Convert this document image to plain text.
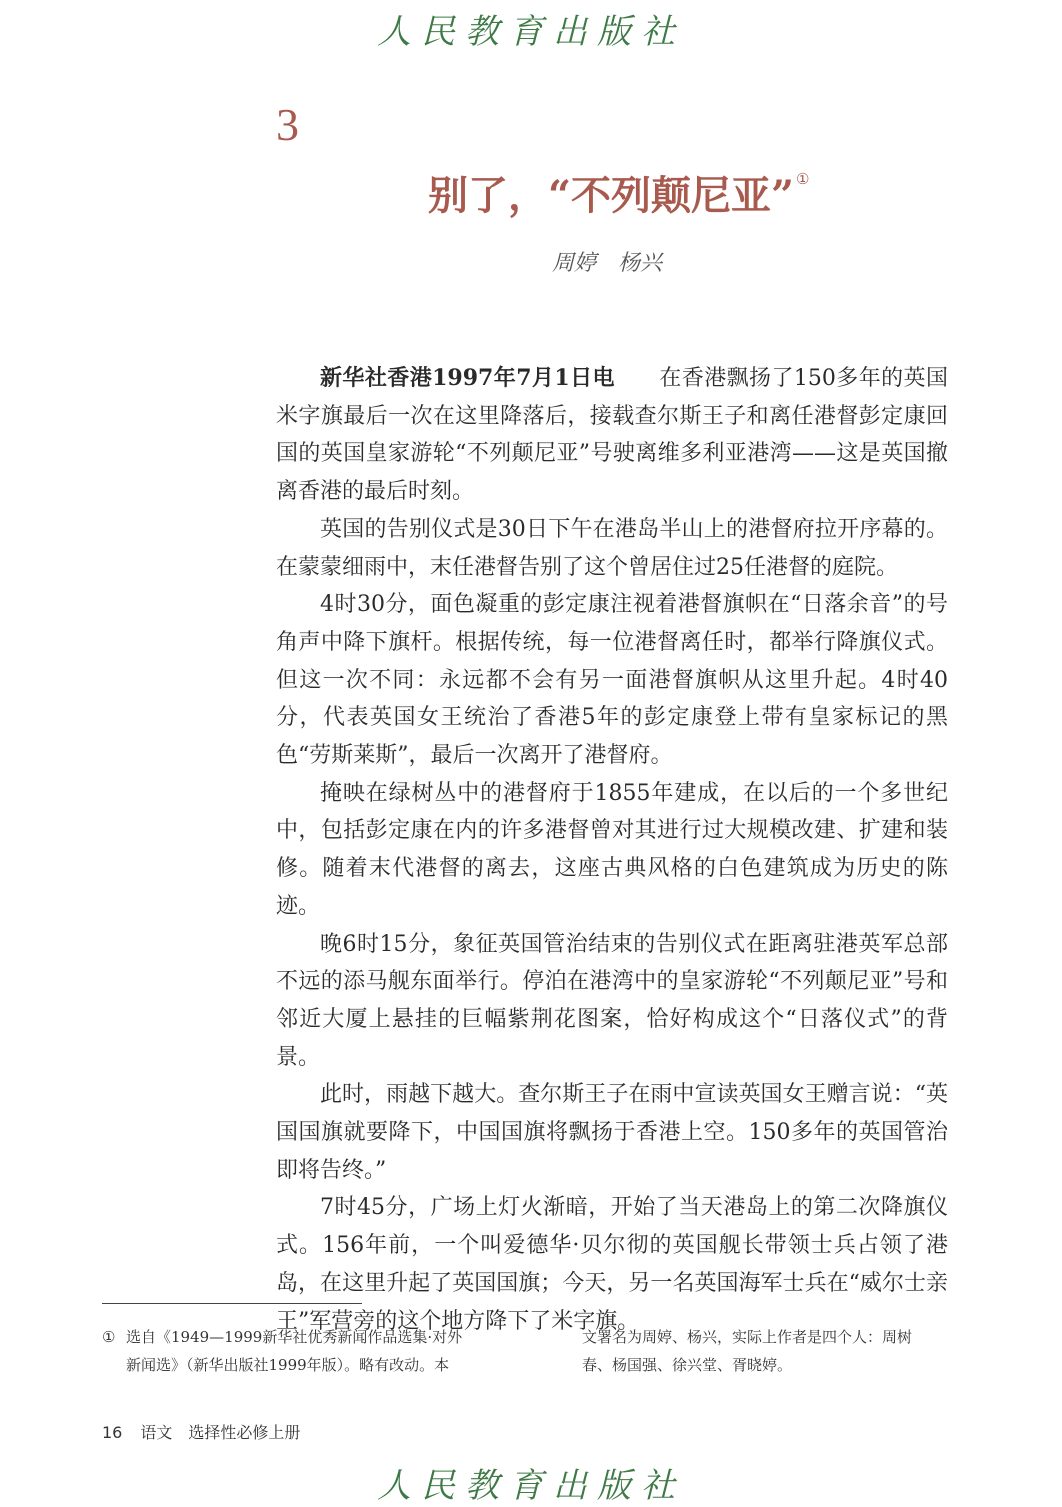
人民教育出版社
3
别了，“不列颠尼亚” ①
周婷　杨兴

新华社香港1997年7月1日电 在香港飘扬了150多年的英国米字旗最后一次在这里降落后，接载查尔斯王子和离任港督彭定康回国的英国皇家游轮“不列颠尼亚”号驶离维多利亚港湾——这是英国撤离香港的最后时刻。

英国的告别仪式是30日下午在港岛半山上的港督府拉开序幕的。在蒙蒙细雨中，末任港督告别了这个曾居住过25任港督的庭院。

4时30分，面色凝重的彭定康注视着港督旗帜在“日落余音”的号角声中降下旗杆。根据传统，每一位港督离任时，都举行降旗仪式。但这一次不同：永远都不会有另一面港督旗帜从这里升起。4时40分，代表英国女王统治了香港5年的彭定康登上带有皇家标记的黑色“劳斯莱斯”，最后一次离开了港督府。

掩映在绿树丛中的港督府于1855年建成，在以后的一个多世纪中，包括彭定康在内的许多港督曾对其进行过大规模改建、扩建和装修。随着末代港督的离去，这座古典风格的白色建筑成为历史的陈迹。

晚6时15分，象征英国管治结束的告别仪式在距离驻港英军总部不远的添马舰东面举行。停泊在港湾中的皇家游轮“不列颠尼亚”号和邻近大厦上悬挂的巨幅紫荆花图案，恰好构成这个“日落仪式”的背景。

此时，雨越下越大。查尔斯王子在雨中宣读英国女王赠言说：“英国国旗就要降下，中国国旗将飘扬于香港上空。150多年的英国管治即将告终。”

7时45分，广场上灯火渐暗，开始了当天港岛上的第二次降旗仪式。156年前，一个叫爱德华·贝尔彻的英国舰长带领士兵占领了港岛，在这里升起了英国国旗；今天，另一名英国海军士兵在“威尔士亲王”军营旁的这个地方降下了米字旗。

① 选自《1949—1999新华社优秀新闻作品选集·对外
新闻选》（新华出版社1999年版）。略有改动。本
文署名为周婷、杨兴，实际上作者是四个人：周树
春、杨国强、徐兴堂、胥晓婷。
16 语文　选择性必修上册
人民教育出版社
